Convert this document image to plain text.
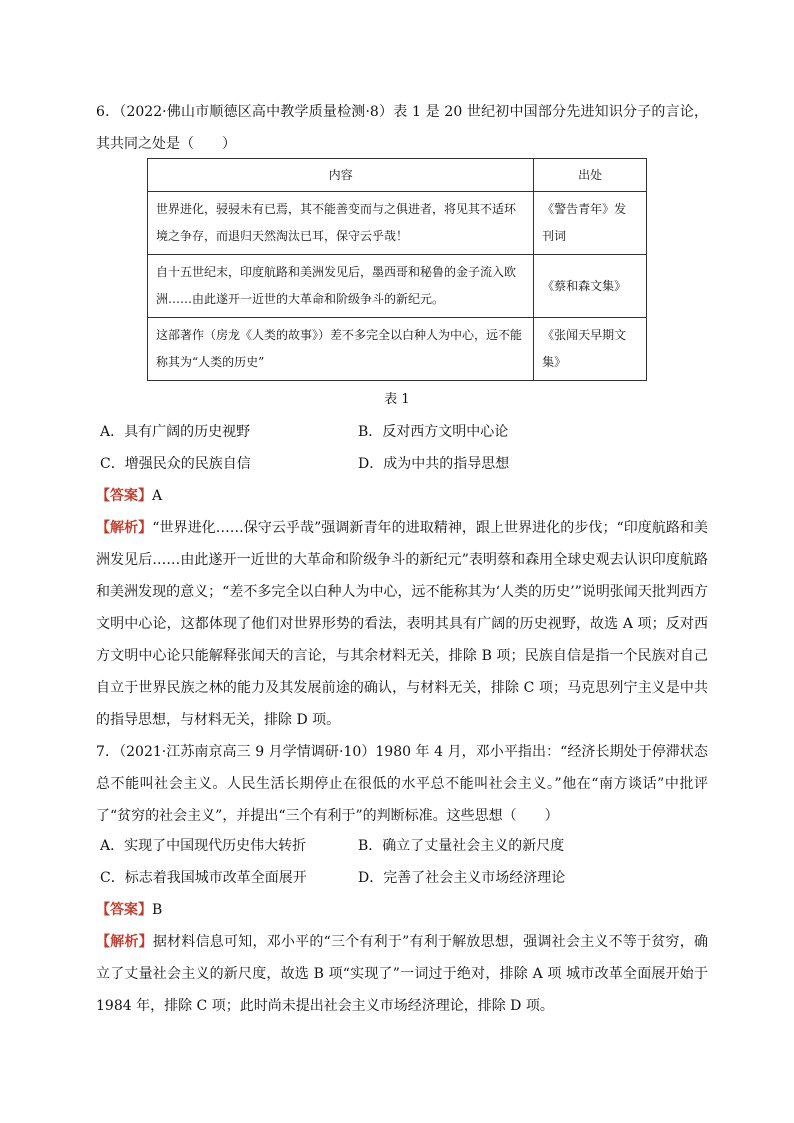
6．（2022·佛山市顺德区高中教学质量检测·8）表 1 是 20 世纪初中国部分先进知识分子的言论，其共同之处是（　　）

内容	出处
世界进化，骎骎未有已焉，其不能善变而与之俱进者，将见其不适环境之争存，而退归天然淘汰已耳，保守云乎哉！	《警告青年》发刊词
自十五世纪末，印度航路和美洲发见后，墨西哥和秘鲁的金子流入欧洲……由此遂开一近世的大革命和阶级争斗的新纪元。	《蔡和森文集》
这部著作（房龙《人类的故事》）差不多完全以白种人为中心，远不能称其为“人类的历史”	《张闻天早期文集》
表 1
A．具有广阔的历史视野	B．反对西方文明中心论
C．增强民众的民族自信	D．成为中共的指导思想
【答案】A

【解析】“世界进化……保守云乎哉”强调新青年的进取精神，跟上世界进化的步伐；“印度航路和美洲发见后……由此遂开一近世的大革命和阶级争斗的新纪元”表明蔡和森用全球史观去认识印度航路和美洲发现的意义；“差不多完全以白种人为中心，远不能称其为‘人类的历史’”说明张闻天批判西方文明中心论，这都体现了他们对世界形势的看法，表明其具有广阔的历史视野，故选 A 项；反对西方文明中心论只能解释张闻天的言论，与其余材料无关，排除 B 项；民族自信是指一个民族对自己自立于世界民族之林的能力及其发展前途的确认，与材料无关，排除 C 项；马克思列宁主义是中共的指导思想，与材料无关，排除 D 项。

7．（2021·江苏南京高三 9 月学情调研·10）1980 年 4 月，邓小平指出：“经济长期处于停滞状态总不能叫社会主义。人民生活长期停止在很低的水平总不能叫社会主义。”他在“南方谈话”中批评了“贫穷的社会主义”，并提出“三个有利于”的判断标准。这些思想（　　）

A．实现了中国现代历史伟大转折	B．确立了丈量社会主义的新尺度
C．标志着我国城市改革全面展开	D．完善了社会主义市场经济理论
【答案】B

【解析】据材料信息可知，邓小平的“三个有利于”有利于解放思想，强调社会主义不等于贫穷，确立了丈量社会主义的新尺度，故选 B 项“实现了”一词过于绝对，排除 A 项 城市改革全面展开始于 1984 年，排除 C 项；此时尚未提出社会主义市场经济理论，排除 D 项。
